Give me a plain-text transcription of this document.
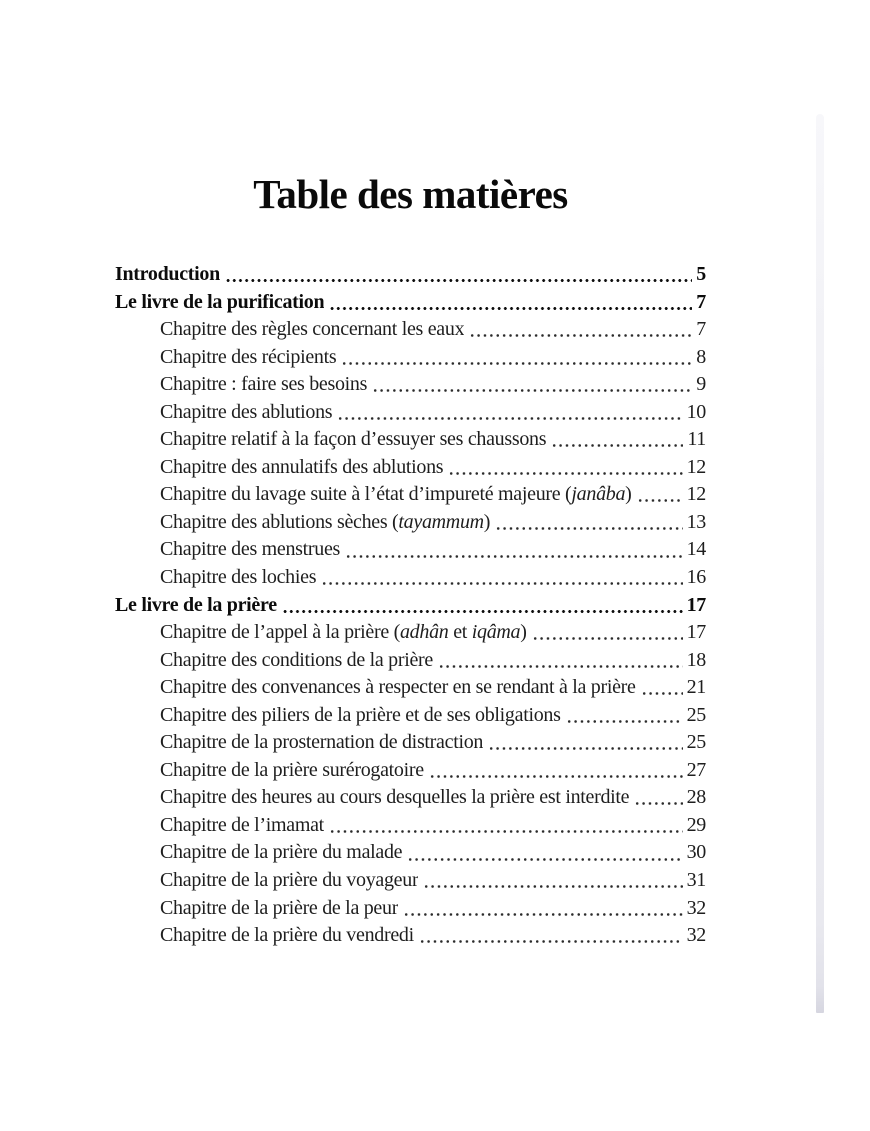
Table des matières
Introduction	5
Le livre de la purification	7
Chapitre des règles concernant les eaux	7
Chapitre des récipients	8
Chapitre : faire ses besoins	9
Chapitre des ablutions	10
Chapitre relatif à la façon d’essuyer ses chaussons	11
Chapitre des annulatifs des ablutions	12
Chapitre du lavage suite à l’état d’impureté majeure (janâba)	12
Chapitre des ablutions sèches (tayammum)	13
Chapitre des menstrues	14
Chapitre des lochies	16
Le livre de la prière	17
Chapitre de l’appel à la prière (adhân et iqâma)	17
Chapitre des conditions de la prière	18
Chapitre des convenances à respecter en se rendant à la prière	21
Chapitre des piliers de la prière et de ses obligations	25
Chapitre de la prosternation de distraction	25
Chapitre de la prière surérogatoire	27
Chapitre des heures au cours desquelles la prière est interdite	28
Chapitre de l’imamat	29
Chapitre de la prière du malade	30
Chapitre de la prière du voyageur	31
Chapitre de la prière de la peur	32
Chapitre de la prière du vendredi	32
